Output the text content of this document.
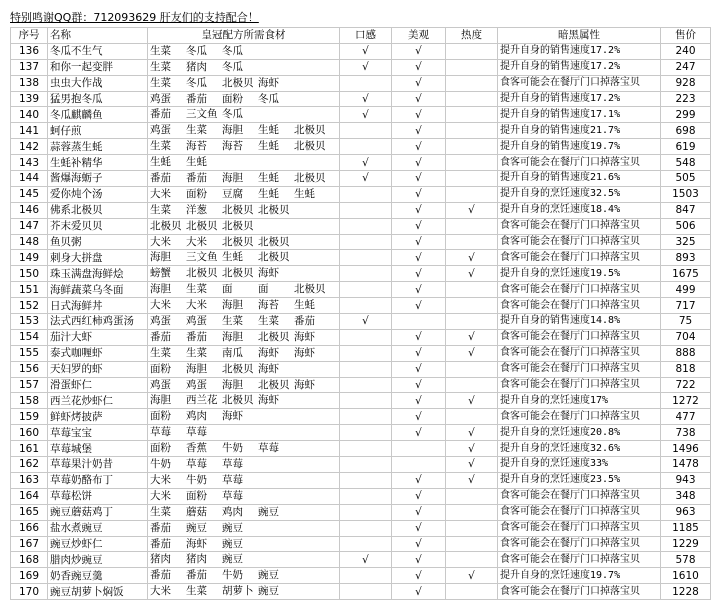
特别鸣谢QQ群：712093629 肝友们的支持配合！
序号	名称	皇冠配方所需食材	口感	美观	热度	暗黑属性	售价
136	冬瓜不生气	生菜 冬瓜 冬瓜	√	√		提升自身的销售速度17.2%	240
137	和你一起变胖	生菜 猪肉 冬瓜	√	√		提升自身的销售速度17.2%	247
138	虫虫大作战	生菜 冬瓜 北极贝 海虾		√		食客可能会在餐厅门口掉落宝贝	928
139	猛男抱冬瓜	鸡蛋 番茄 面粉 冬瓜	√	√		提升自身的销售速度17.2%	223
140	冬瓜麒麟鱼	番茄 三文鱼 冬瓜	√	√		提升自身的销售速度17.1%	299
141	蚵仔煎	鸡蛋 生菜 海胆 生蚝 北极贝		√		提升自身的销售速度21.7%	698
142	蒜蓉蒸生蚝	生菜 海苔 海苔 生蚝 北极贝		√		提升自身的销售速度19.7%	619
143	生蚝补精华	生蚝 生蚝	√	√		食客可能会在餐厅门口掉落宝贝	548
144	酱爆海蛎子	番茄 番茄 海胆 生蚝 北极贝	√	√		提升自身的销售速度21.6%	505
145	爱你炖个汤	大米 面粉 豆腐 生蚝 生蚝		√		提升自身的烹饪速度32.5%	1503
146	佛系北极贝	生菜 洋葱 北极贝 北极贝		√	√	提升自身的烹饪速度18.4%	847
147	芥末爱贝贝	北极贝 北极贝 北极贝		√		食客可能会在餐厅门口掉落宝贝	506
148	鱼贝粥	大米 大米 北极贝 北极贝		√		食客可能会在餐厅门口掉落宝贝	325
149	刺身大拼盘	海胆 三文鱼 生蚝 北极贝		√	√	食客可能会在餐厅门口掉落宝贝	893
150	珠玉满盘海鲜烩	螃蟹 北极贝 北极贝 海虾		√	√	提升自身的烹饪速度19.5%	1675
151	海鲜蔬菜乌冬面	海胆 生菜 面 面 北极贝		√		食客可能会在餐厅门口掉落宝贝	499
152	日式海鲜丼	大米 大米 海胆 海苔 生蚝		√		食客可能会在餐厅门口掉落宝贝	717
153	法式西红柿鸡蛋汤	鸡蛋 鸡蛋 生菜 生菜 番茄	√			提升自身的销售速度14.8%	75
154	茄汁大虾	番茄 番茄 海胆 北极贝 海虾		√	√	食客可能会在餐厅门口掉落宝贝	704
155	泰式咖喱虾	生菜 生菜 南瓜 海虾 海虾		√	√	食客可能会在餐厅门口掉落宝贝	888
156	天妇罗的虾	面粉 海胆 北极贝 海虾		√		食客可能会在餐厅门口掉落宝贝	818
157	滑蛋虾仁	鸡蛋 鸡蛋 海胆 北极贝 海虾		√		食客可能会在餐厅门口掉落宝贝	722
158	西兰花炒虾仁	海胆 西兰花 北极贝 海虾		√	√	提升自身的烹饪速度17%	1272
159	鲜虾烤披萨	面粉 鸡肉 海虾		√		食客可能会在餐厅门口掉落宝贝	477
160	草莓宝宝	草莓 草莓		√	√	提升自身的烹饪速度20.8%	738
161	草莓城堡	面粉 香蕉 牛奶 草莓			√	提升自身的烹饪速度32.6%	1496
162	草莓果汁奶昔	牛奶 草莓 草莓			√	提升自身的烹饪速度33%	1478
163	草莓奶酪布丁	大米 牛奶 草莓		√	√	提升自身的烹饪速度23.5%	943
164	草莓松饼	大米 面粉 草莓		√		食客可能会在餐厅门口掉落宝贝	348
165	豌豆蘑菇鸡丁	生菜 蘑菇 鸡肉 豌豆		√		食客可能会在餐厅门口掉落宝贝	963
166	盐水煮豌豆	番茄 豌豆 豌豆		√		食客可能会在餐厅门口掉落宝贝	1185
167	豌豆炒虾仁	番茄 海虾 豌豆		√		食客可能会在餐厅门口掉落宝贝	1229
168	腊肉炒豌豆	猪肉 猪肉 豌豆	√	√		食客可能会在餐厅门口掉落宝贝	578
169	奶香豌豆羹	番茄 番茄 牛奶 豌豆		√	√	提升自身的烹饪速度19.7%	1610
170	豌豆胡萝卜焖饭	大米 生菜 胡萝卜 豌豆		√		食客可能会在餐厅门口掉落宝贝	1228
